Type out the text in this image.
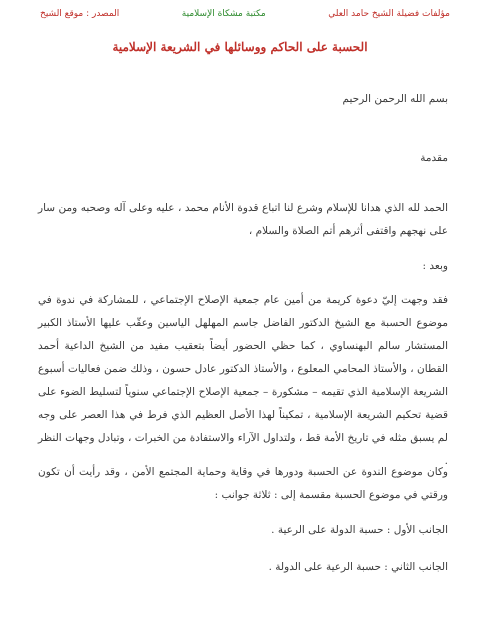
مؤلفات فضيلة الشيخ حامد العلي
مكتبة مشكاة الإسلامية
المصدر : موقع الشيخ
الحسبة على الحاكم ووسائلها في الشريعة الإسلامية

بسم الله الرحمن الرحيم

مقدمة

الحمد لله الذي هدانا للإسلام وشرع لنا اتباع قدوة الأنام محمد ، عليه وعلى آله وصحبه ومن سار على نهجهم واقتفى أثرهم أتم الصلاة والسلام ،

وبعد :

فقد وجهت إليّ دعوة كريمة من أمين عام جمعية الإصلاح الإجتماعي ، للمشاركة في ندوة في موضوع الحسبة مع الشيخ الدكتور الفاضل جاسم المهلهل الياسين وعقّب عليها الأستاذ الكبير المستشار سالم البهنساوي ، كما حظي الحضور أيضاً بتعقيب مفيد من الشيخ الداعية أحمد القطان ، والأستاذ المحامي المعلوع ، والأستاذ الدكتور عادل حسون ، وذلك ضمن فعاليات أسبوع الشريعة الإسلامية الذي تقيمه – مشكورة – جمعية الإصلاح الإجتماعي سنوياً لتسليط الضوء على قضية تحكيم الشريعة الإسلامية ، تمكيناً لهذا الأصل العظيم الذي فرط في هذا العصر على وجه لم يسبق مثله في تاريخ الأمة قط ، ولتداول الآراء والاستفادة من الخبرات ، وتبادل وجهات النظر .

وكان موضوع الندوة عن الحسبة ودورها في وقاية وحماية المجتمع الأمن ، وقد رأيت أن تكون ورقتي في موضوع الحسبة مقسمة إلى : ثلاثة جوانب :

الجانب الأول : حسبة الدولة على الرعية .

الجانب الثاني : حسبة الرعية على الدولة .
